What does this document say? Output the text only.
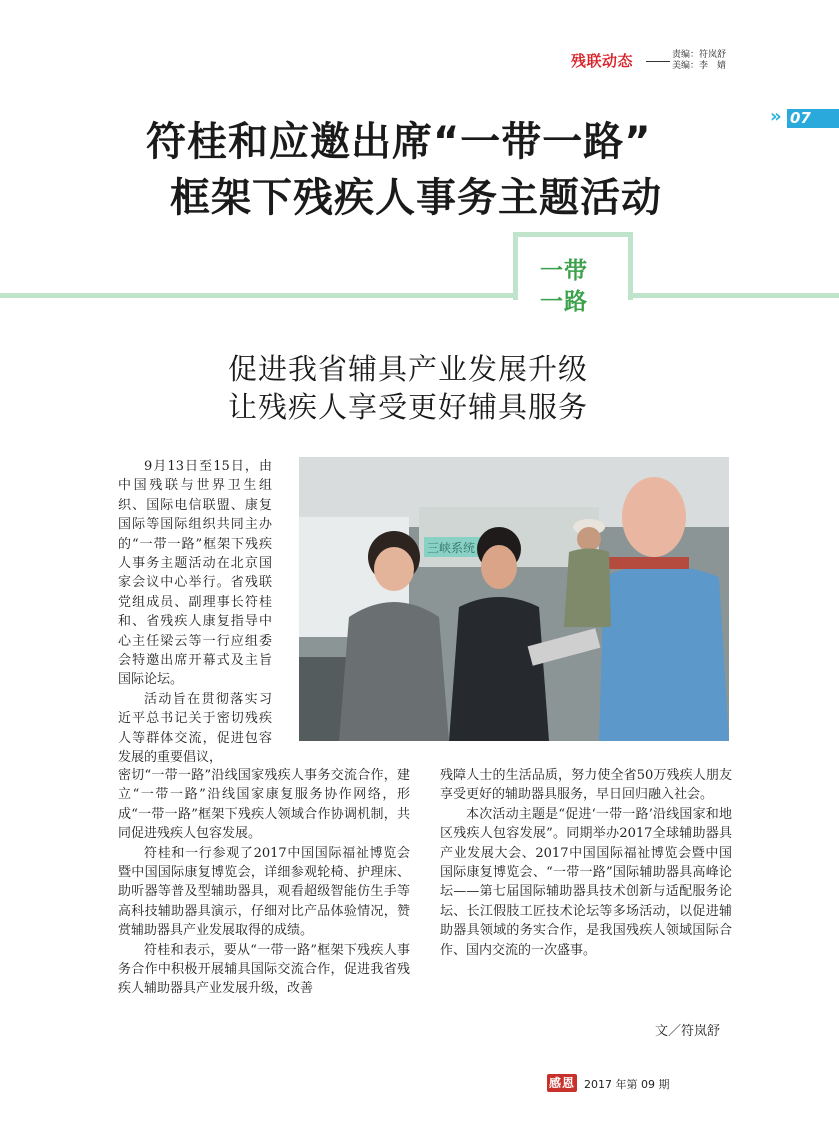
残联动态	责编：符岚舒
美编：李　婧
» 07
符桂和应邀出席“一带一路”
框架下残疾人事务主题活动
一带
一路
促进我省辅具产业发展升级
让残疾人享受更好辅具服务

9月13日至15日，由中国残联与世界卫生组织、国际电信联盟、康复国际等国际组织共同主办的“一带一路”框架下残疾人事务主题活动在北京国家会议中心举行。省残联党组成员、副理事长符桂和、省残疾人康复指导中心主任梁云等一行应组委会特邀出席开幕式及主旨国际论坛。

活动旨在贯彻落实习近平总书记关于密切残疾人等群体交流，促进包容发展的重要倡议，

三峡系统

密切“一带一路”沿线国家残疾人事务交流合作，建立“一带一路”沿线国家康复服务协作网络，形成“一带一路”框架下残疾人领域合作协调机制，共同促进残疾人包容发展。

符桂和一行参观了2017中国国际福祉博览会暨中国国际康复博览会，详细参观轮椅、护理床、助听器等普及型辅助器具，观看超级智能仿生手等高科技辅助器具演示，仔细对比产品体验情况，赞赏辅助器具产业发展取得的成绩。

符桂和表示，要从“一带一路”框架下残疾人事务合作中积极开展辅具国际交流合作，促进我省残疾人辅助器具产业发展升级，改善

残障人士的生活品质，努力使全省50万残疾人朋友享受更好的辅助器具服务，早日回归融入社会。

本次活动主题是“促进‘一带一路’沿线国家和地区残疾人包容发展”。同期举办2017全球辅助器具产业发展大会、2017中国国际福祉博览会暨中国国际康复博览会、“一带一路”国际辅助器具高峰论坛——第七届国际辅助器具技术创新与适配服务论坛、长江假肢工匠技术论坛等多场活动，以促进辅助器具领域的务实合作，是我国残疾人领域国际合作、国内交流的一次盛事。

文／符岚舒
感恩 2017 年第 09 期
